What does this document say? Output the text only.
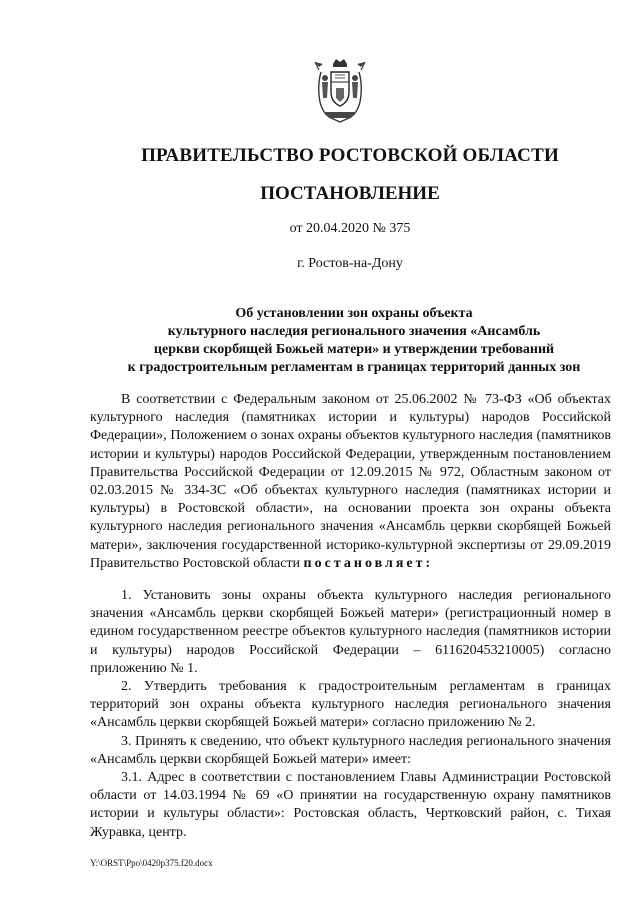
ПРАВИТЕЛЬСТВО РОСТОВСКОЙ ОБЛАСТИ
ПОСТАНОВЛЕНИЕ
от 20.04.2020 № 375
г. Ростов-на-Дону
Об установлении зон охраны объекта
культурного наследия регионального значения «Ансамбль
церкви скорбящей Божьей матери» и утверждении требований
к градостроительным регламентам в границах территорий данных зон

В соответствии с Федеральным законом от 25.06.2002 № 73-ФЗ «Об объектах культурного наследия (памятниках истории и культуры) народов Российской Федерации», Положением о зонах охраны объектов культурного наследия (памятников истории и культуры) народов Российской Федерации, утвержденным постановлением Правительства Российской Федерации от 12.09.2015 № 972, Областным законом от 02.03.2015 № 334-ЗС «Об объектах культурного наследия (памятниках истории и культуры) в Ростовской области», на основании проекта зон охраны объекта культурного наследия регионального значения «Ансамбль церкви скорбящей Божьей матери», заключения государственной историко-культурной экспертизы от 29.09.2019 Правительство Ростовской области постановляет:

1. Установить зоны охраны объекта культурного наследия регионального значения «Ансамбль церкви скорбящей Божьей матери» (регистрационный номер в едином государственном реестре объектов культурного наследия (памятников истории и культуры) народов Российской Федерации – 611620453210005) согласно приложению № 1.

2. Утвердить требования к градостроительным регламентам в границах территорий зон охраны объекта культурного наследия регионального значения «Ансамбль церкви скорбящей Божьей матери» согласно приложению № 2.

3. Принять к сведению, что объект культурного наследия регионального значения «Ансамбль церкви скорбящей Божьей матери» имеет:

3.1. Адрес в соответствии с постановлением Главы Администрации Ростовской области от 14.03.1994 № 69 «О принятии на государственную охрану памятников истории и культуры области»: Ростовская область, Чертковский район, с. Тихая Журавка, центр.

Y:\ORST\Ppo\0420p375.f20.docx
